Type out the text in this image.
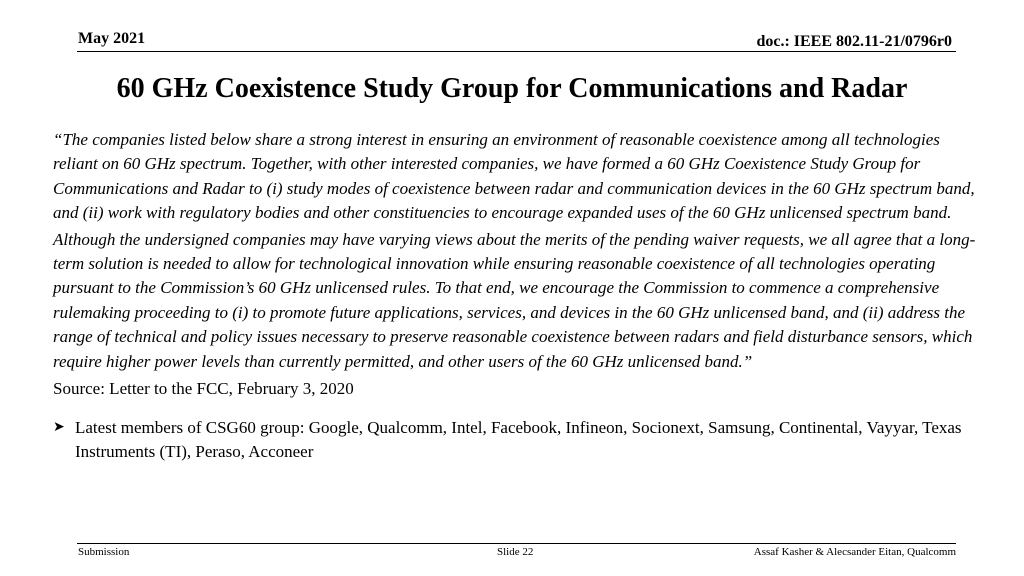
May 2021	doc.: IEEE 802.11-21/0796r0
60 GHz Coexistence Study Group for Communications and Radar

“The companies listed below share a strong interest in ensuring an environment of reasonable coexistence among all technologies reliant on 60 GHz spectrum. Together, with other interested companies, we have formed a 60 GHz Coexistence Study Group for Communications and Radar to (i) study modes of coexistence between radar and communication devices in the 60 GHz spectrum band, and (ii) work with regulatory bodies and other constituencies to encourage expanded uses of the 60 GHz unlicensed spectrum band.

Although the undersigned companies may have varying views about the merits of the pending waiver requests, we all agree that a long-term solution is needed to allow for technological innovation while ensuring reasonable coexistence of all technologies operating pursuant to the Commission’s 60 GHz unlicensed rules. To that end, we encourage the Commission to commence a comprehensive rulemaking proceeding to (i) to promote future applications, services, and devices in the 60 GHz unlicensed band, and (ii) address the range of technical and policy issues necessary to preserve reasonable coexistence between radars and field disturbance sensors, which require higher power levels than currently permitted, and other users of the 60 GHz unlicensed band.”

Source: Letter to the FCC, February 3, 2020
➤ Latest members of CSG60 group: Google, Qualcomm, Intel, Facebook, Infineon, Socionext, Samsung, Continental, Vayyar, Texas Instruments (TI), Peraso, Acconeer
Submission	Slide 22	Assaf Kasher & Alecsander Eitan, Qualcomm
